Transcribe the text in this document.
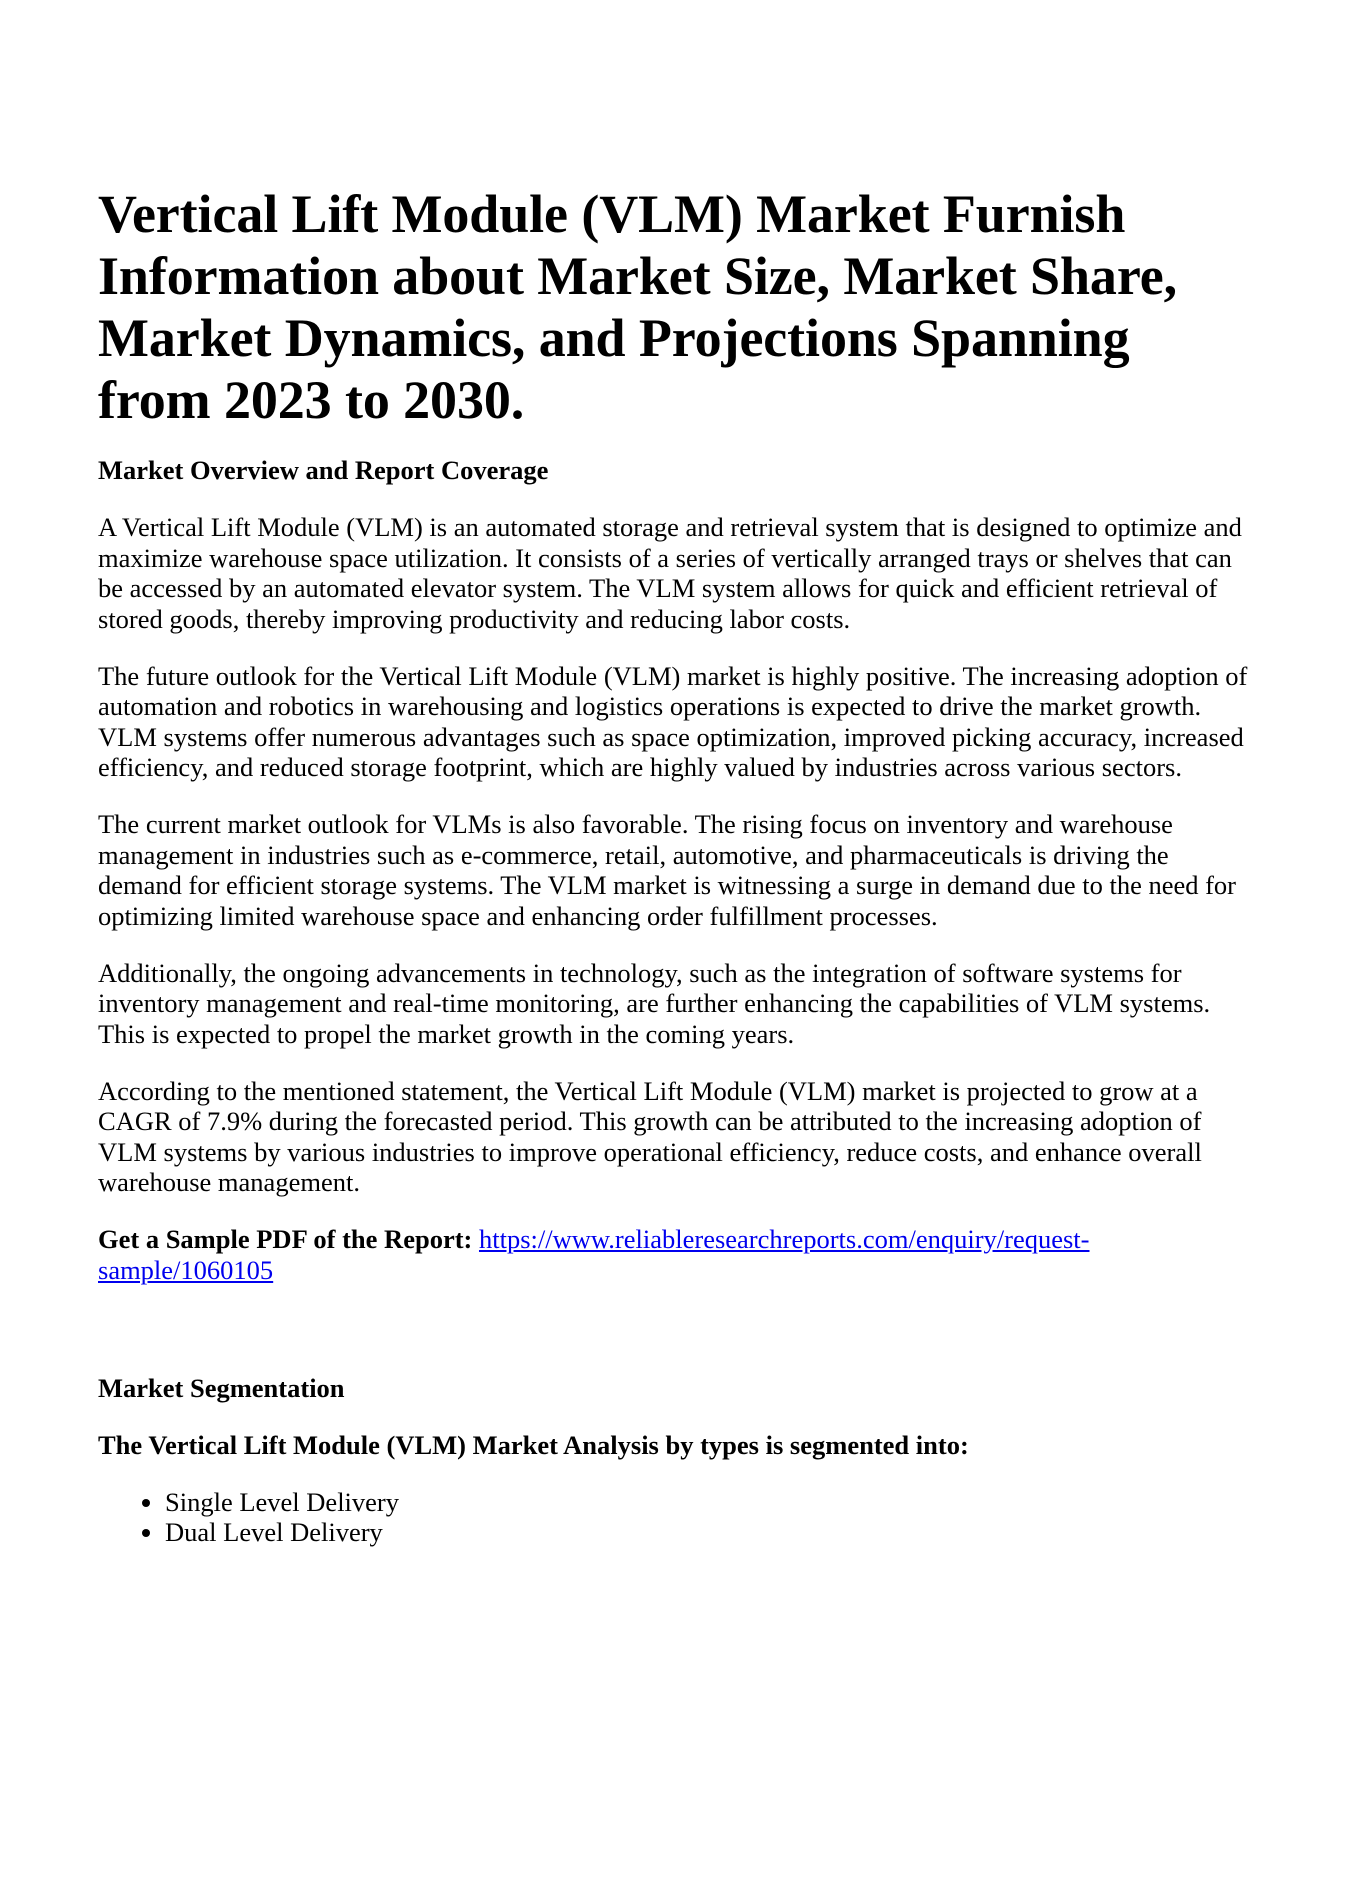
Vertical Lift Module (VLM) Market Furnish Information about Market Size, Market Share, Market Dynamics, and Projections Spanning from 2023 to 2030.
Market Overview and Report Coverage

A Vertical Lift Module (VLM) is an automated storage and retrieval system that is designed to optimize and maximize warehouse space utilization. It consists of a series of vertically arranged trays or shelves that can be accessed by an automated elevator system. The VLM system allows for quick and efficient retrieval of stored goods, thereby improving productivity and reducing labor costs.

The future outlook for the Vertical Lift Module (VLM) market is highly positive. The increasing adoption of automation and robotics in warehousing and logistics operations is expected to drive the market growth. VLM systems offer numerous advantages such as space optimization, improved picking accuracy, increased efficiency, and reduced storage footprint, which are highly valued by industries across various sectors.

The current market outlook for VLMs is also favorable. The rising focus on inventory and warehouse management in industries such as e-commerce, retail, automotive, and pharmaceuticals is driving the demand for efficient storage systems. The VLM market is witnessing a surge in demand due to the need for optimizing limited warehouse space and enhancing order fulfillment processes.

Additionally, the ongoing advancements in technology, such as the integration of software systems for inventory management and real-time monitoring, are further enhancing the capabilities of VLM systems. This is expected to propel the market growth in the coming years.

According to the mentioned statement, the Vertical Lift Module (VLM) market is projected to grow at a CAGR of 7.9% during the forecasted period. This growth can be attributed to the increasing adoption of VLM systems by various industries to improve operational efficiency, reduce costs, and enhance overall warehouse management.

Get a Sample PDF of the Report: https://www.reliableresearchreports.com/enquiry/request-sample/1060105

Market Segmentation
The Vertical Lift Module (VLM) Market Analysis by types is segmented into:
• Single Level Delivery
• Dual Level Delivery
